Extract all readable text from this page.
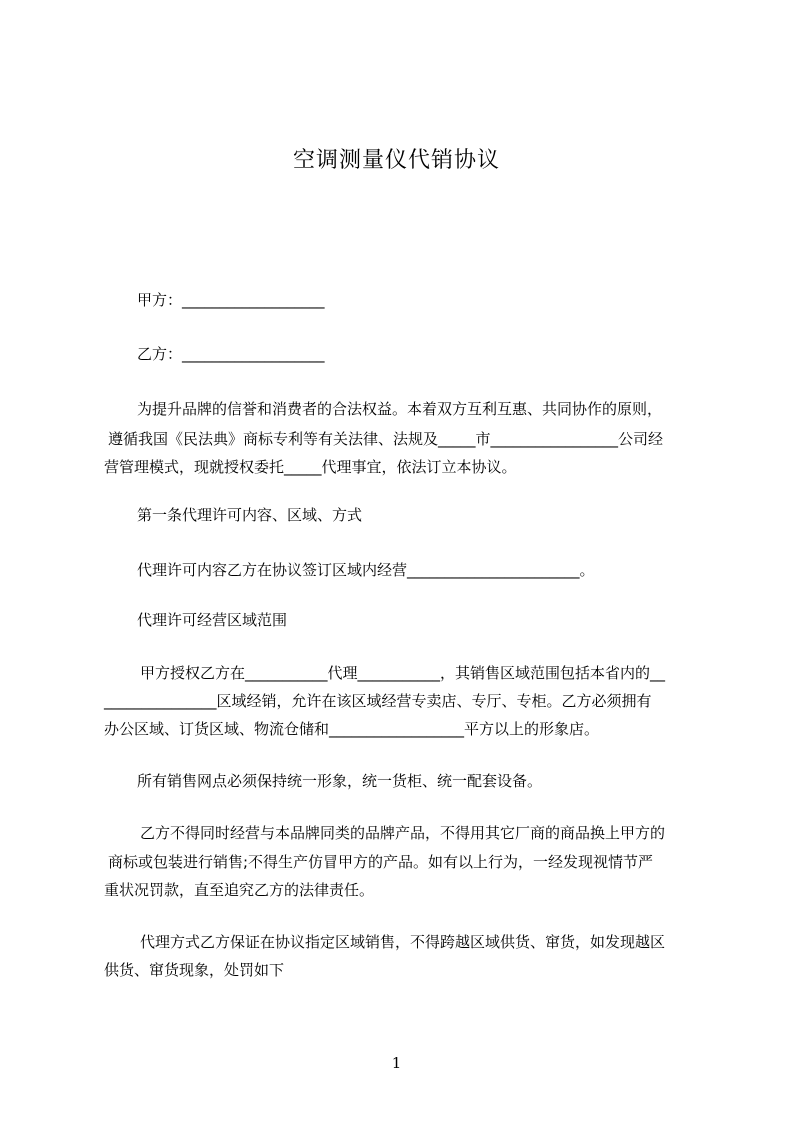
空调测量仪代销协议
甲方：___________________
乙方：___________________
为提升品牌的信誉和消费者的合法权益。本着双方互利互惠、共同协作的原则，
遵循我国《民法典》商标专利等有关法律、法规及_____市_________________公司经
营管理模式，现就授权委托_____代理事宜，依法订立本协议。
第一条代理许可内容、区域、方式
代理许可内容乙方在协议签订区域内经营_______________________。
代理许可经营区域范围
甲方授权乙方在___________代理___________，其销售区域范围包括本省内的__
_______________区域经销，允许在该区域经营专卖店、专厅、专柜。乙方必须拥有
办公区域、订货区域、物流仓储和__________________平方以上的形象店。
所有销售网点必须保持统一形象，统一货柜、统一配套设备。
乙方不得同时经营与本品牌同类的品牌产品，不得用其它厂商的商品换上甲方的
商标或包装进行销售;不得生产仿冒甲方的产品。如有以上行为，一经发现视情节严
重状况罚款，直至追究乙方的法律责任。
代理方式乙方保证在协议指定区域销售，不得跨越区域供货、窜货，如发现越区
供货、窜货现象，处罚如下
1
